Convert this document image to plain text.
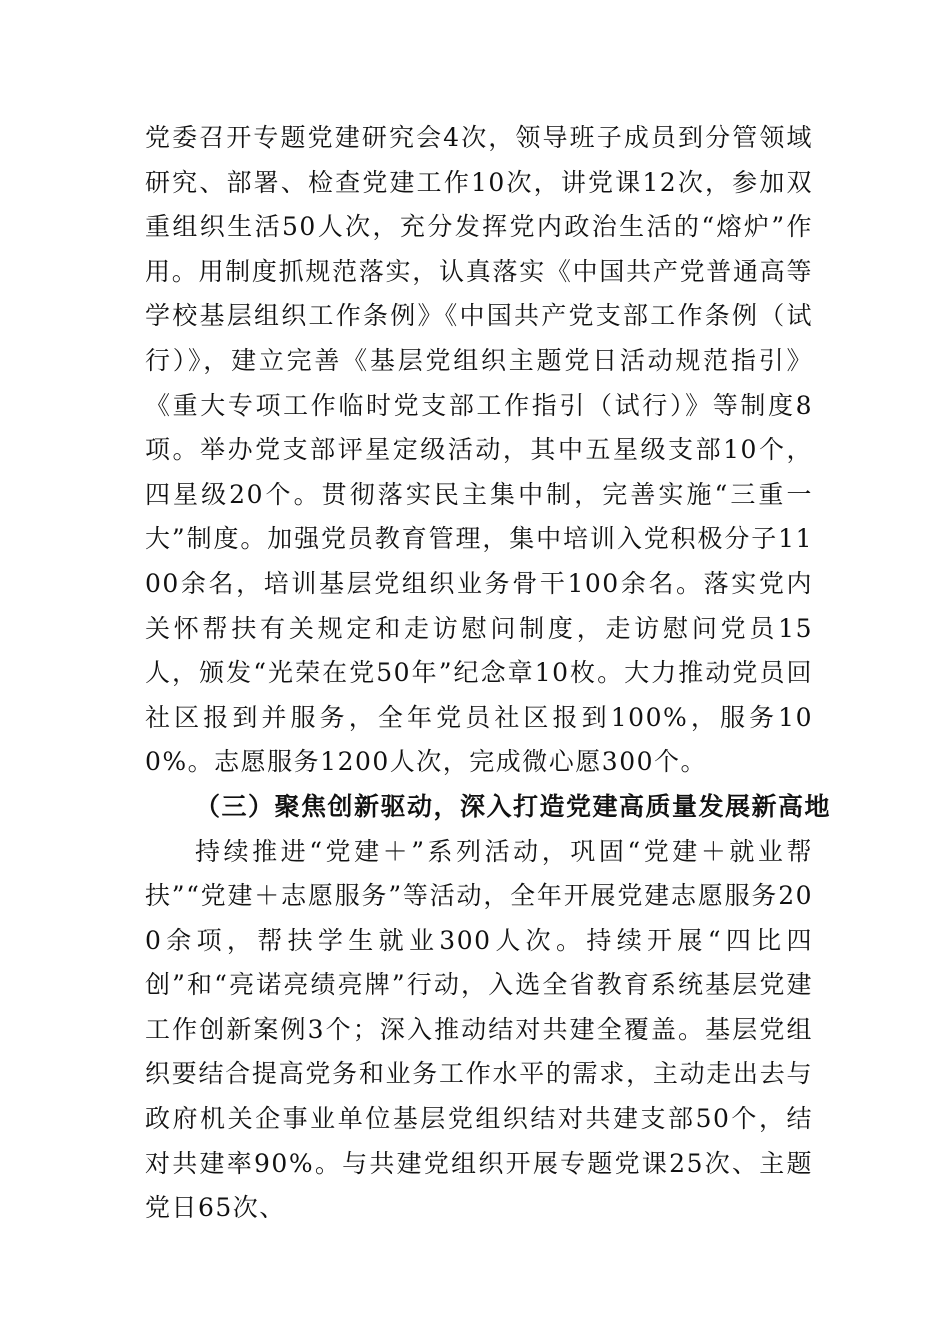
党委召开专题党建研究会4次，领导班子成员到分管领域研究、部署、检查党建工作10次，讲党课12次，参加双重组织生活50人次，充分发挥党内政治生活的“熔炉”作用。用制度抓规范落实，认真落实《中国共产党普通高等学校基层组织工作条例》《中国共产党支部工作条例（试行）》，建立完善《基层党组织主题党日活动规范指引》《重大专项工作临时党支部工作指引（试行）》等制度8项。举办党支部评星定级活动，其中五星级支部10个，四星级20个。贯彻落实民主集中制，完善实施“三重一大”制度。加强党员教育管理，集中培训入党积极分子1100余名，培训基层党组织业务骨干100余名。落实党内关怀帮扶有关规定和走访慰问制度，走访慰问党员15人，颁发“光荣在党50年”纪念章10枚。大力推动党员回社区报到并服务，全年党员社区报到100%，服务100%。志愿服务1200人次，完成微心愿300个。

（三）聚焦创新驱动，深入打造党建高质量发展新高地

持续推进“党建＋”系列活动，巩固“党建＋就业帮扶”“党建＋志愿服务”等活动，全年开展党建志愿服务200余项，帮扶学生就业300人次。持续开展“四比四创”和“亮诺亮绩亮牌”行动，入选全省教育系统基层党建工作创新案例3个；深入推动结对共建全覆盖。基层党组织要结合提高党务和业务工作水平的需求，主动走出去与政府机关企事业单位基层党组织结对共建支部50个，结对共建率90%。与共建党组织开展专题党课25次、主题党日65次、
